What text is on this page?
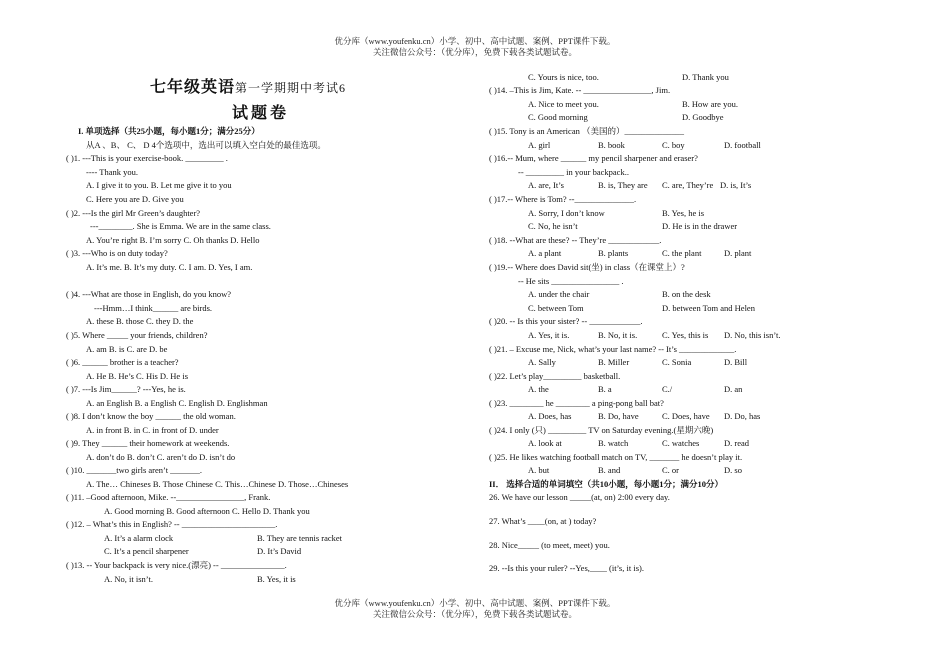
优分库（www.youfenku.cn）小学、初中、高中试题、案例、PPT课件下载。
关注微信公众号：（优分库），免费下载各类试题试卷。
七年级英语第一学期期中考试6
试题卷
I. 单项选择（共25小题，每小题1分；满分25分）
从A 、B、 C、 D 4个选项中，选出可以填入空白处的最佳选项。
( )1. ---This is your exercise-book. _________ .
---- Thank you.
A. I give it to you. B. Let me give it to you
C. Here you are D. Give you
( )2. ---Is the girl Mr Green’s daughter?
---________. She is Emma. We are in the same class.
A. You’re right B. I’m sorry C. Oh thanks D. Hello
( )3. ---Who is on duty today?
A. It’s me. B. It’s my duty. C. I am. D. Yes, I am.
( )4. ---What are those in English, do you know?
---Hmm…I think______ are birds.
A. these B. those C. they D. the
( )5. Where _____ your friends, children?
A. am B. is C. are D. be
( )6. ______ brother is a teacher?
A. He B. He’s C. His D. He is
( )7. ---Is Jim______? ---Yes, he is.
A. an English B. a English C. English D. Englishman
( )8. I don’t know the boy ______ the old woman.
A. in front B. in C. in front of D. under
( )9. They ______ their homework at weekends.
A. don’t do B. don’t C. aren’t do D. isn’t do
( )10. _______two girls aren’t _______.
A. The… Chineses B. Those Chinese C. This…Chinese D. Those…Chineses
( )11. –Good afternoon, Mike. --________________, Frank.
A. Good morning B. Good afternoon C. Hello D. Thank you
( )12. – What’s this in English? -- ______________________.
A. It’s a alarm clock	B. They are tennis racket
C. It’s a pencil sharpener	D. It’s David
( )13. -- Your backpack is very nice.(漂亮) -- _______________.
A. No, it isn’t.	B. Yes, it is
C. Yours is nice, too.	D. Thank you
( )14. –This is Jim, Kate. -- ________________, Jim.
A. Nice to meet you.	B. How are you.
C. Good morning	D. Goodbye
( )15. Tony is an American （美国的）______________
A. girl	B. book	C. boy	D. football
( )16.-- Mum, where ______ my pencil sharpener and eraser?
-- _________ in your backpack..
A. are, It’s	B. is, They are C. are, They’re D. is, It’s
( )17.-- Where is Tom? --______________.
A. Sorry, I don’t know	B. Yes, he is
C. No, he isn’t	D. He is in the drawer
( )18. --What are these? -- They’re ____________.
A. a plant	B. plants	C. the plant	D. plant
( )19.-- Where does David sit(坐) in class（在课堂上）?
-- He sits ________________ .
A. under the chair	B. on the desk
C. between Tom	D. between Tom and Helen
( )20. -- Is this your sister? -- ____________.
A. Yes, it is.	B. No, it is.	C. Yes, this is D. No, this isn’t.
( )21. – Excuse me, Nick, what’s your last name? -- It’s _____________.
A. Sally	B. Miller	C. Sonia	D. Bill
( )22. Let’s play_________ basketball.
A. the	B. a	C./	D. an
( )23. ________ he ________ a ping-pong ball bat?
A. Does, has	B. Do, have	C. Does, have D. Do, has
( )24. I only (只) _________ TV on Saturday evening.(星期六晚)
A. look at	B. watch	C. watches	D. read
( )25. He likes watching football match on TV, _______ he doesn’t play it.
A. but	B. and	C. or	D. so
II． 选择合适的单词填空（共10小题，每小题1分；满分10分）
26. We have our lesson _____(at, on) 2:00 every day.
27. What’s ____(on, at ) today?
28. Nice_____ (to meet, meet) you.
29. --Is this your ruler? --Yes,____ (it’s, it is).
优分库（www.youfenku.cn）小学、初中、高中试题、案例、PPT课件下载。
关注微信公众号：（优分库），免费下载各类试题试卷。
